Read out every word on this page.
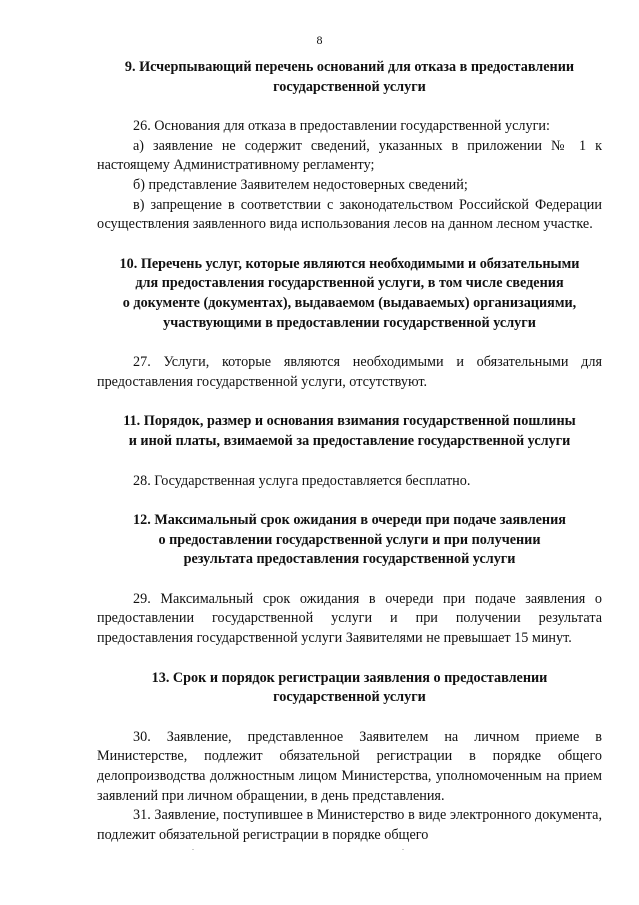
8
9. Исчерпывающий перечень оснований для отказа в предоставлении
государственной услуги

26. Основания для отказа в предоставлении государственной услуги:

а) заявление не содержит сведений, указанных в приложении № 1 к настоящему Административному регламенту;

б) представление Заявителем недостоверных сведений;

в) запрещение в соответствии с законодательством Российской Федерации осуществления заявленного вида использования лесов на данном лесном участке.

10. Перечень услуг, которые являются необходимыми и обязательными
для предоставления государственной услуги, в том числе сведения
о документе (документах), выдаваемом (выдаваемых) организациями,
участвующими в предоставлении государственной услуги

27. Услуги, которые являются необходимыми и обязательными для предоставления государственной услуги, отсутствуют.

11. Порядок, размер и основания взимания государственной пошлины
и иной платы, взимаемой за предоставление государственной услуги

28. Государственная услуга предоставляется бесплатно.

12. Максимальный срок ожидания в очереди при подаче заявления
о предоставлении государственной услуги и при получении
результата предоставления государственной услуги

29. Максимальный срок ожидания в очереди при подаче заявления о предоставлении государственной услуги и при получении результата предоставления государственной услуги Заявителями не превышает 15 минут.

13. Срок и порядок регистрации заявления о предоставлении
государственной услуги

30. Заявление, представленное Заявителем на личном приеме в Министерстве, подлежит обязательной регистрации в порядке общего делопроизводства должностным лицом Министерства, уполномоченным на прием заявлений при личном обращении, в день представления.

31. Заявление, поступившее в Министерство в виде электронного документа, подлежит обязательной регистрации в порядке общего
